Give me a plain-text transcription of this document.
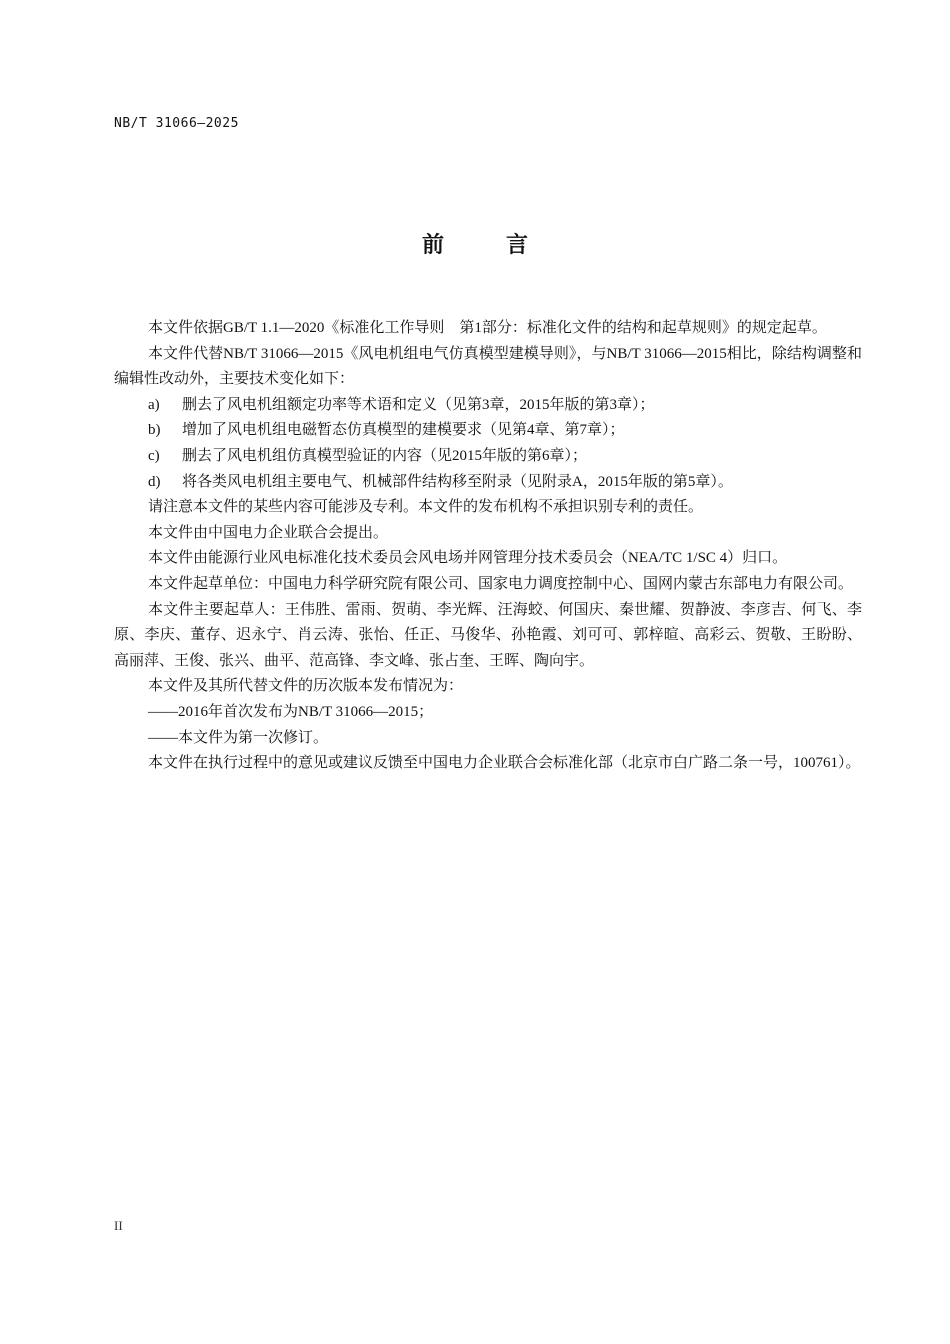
NB/T 31066—2025
前	言

本文件依据GB/T 1.1—2020《标准化工作导则　第1部分：标准化文件的结构和起草规则》的规定起草。

本文件代替NB/T 31066—2015《风电机组电气仿真模型建模导则》，与NB/T 31066—2015相比，除结构调整和编辑性改动外，主要技术变化如下：

a)	删去了风电机组额定功率等术语和定义（见第3章，2015年版的第3章）；
b)	增加了风电机组电磁暂态仿真模型的建模要求（见第4章、第7章）；
c)	删去了风电机组仿真模型验证的内容（见2015年版的第6章）；
d)	将各类风电机组主要电气、机械部件结构移至附录（见附录A，2015年版的第5章）。

请注意本文件的某些内容可能涉及专利。本文件的发布机构不承担识别专利的责任。

本文件由中国电力企业联合会提出。

本文件由能源行业风电标准化技术委员会风电场并网管理分技术委员会（NEA/TC 1/SC 4）归口。

本文件起草单位：中国电力科学研究院有限公司、国家电力调度控制中心、国网内蒙古东部电力有限公司。

本文件主要起草人：王伟胜、雷雨、贺萌、李光辉、汪海蛟、何国庆、秦世耀、贺静波、李彦吉、何飞、李原、李庆、董存、迟永宁、肖云涛、张怡、任正、马俊华、孙艳霞、刘可可、郭梓暄、高彩云、贺敬、王盼盼、高丽萍、王俊、张兴、曲平、范高锋、李文峰、张占奎、王晖、陶向宇。

本文件及其所代替文件的历次版本发布情况为：

——2016年首次发布为NB/T 31066—2015；

——本文件为第一次修订。

本文件在执行过程中的意见或建议反馈至中国电力企业联合会标准化部（北京市白广路二条一号，100761）。

II
